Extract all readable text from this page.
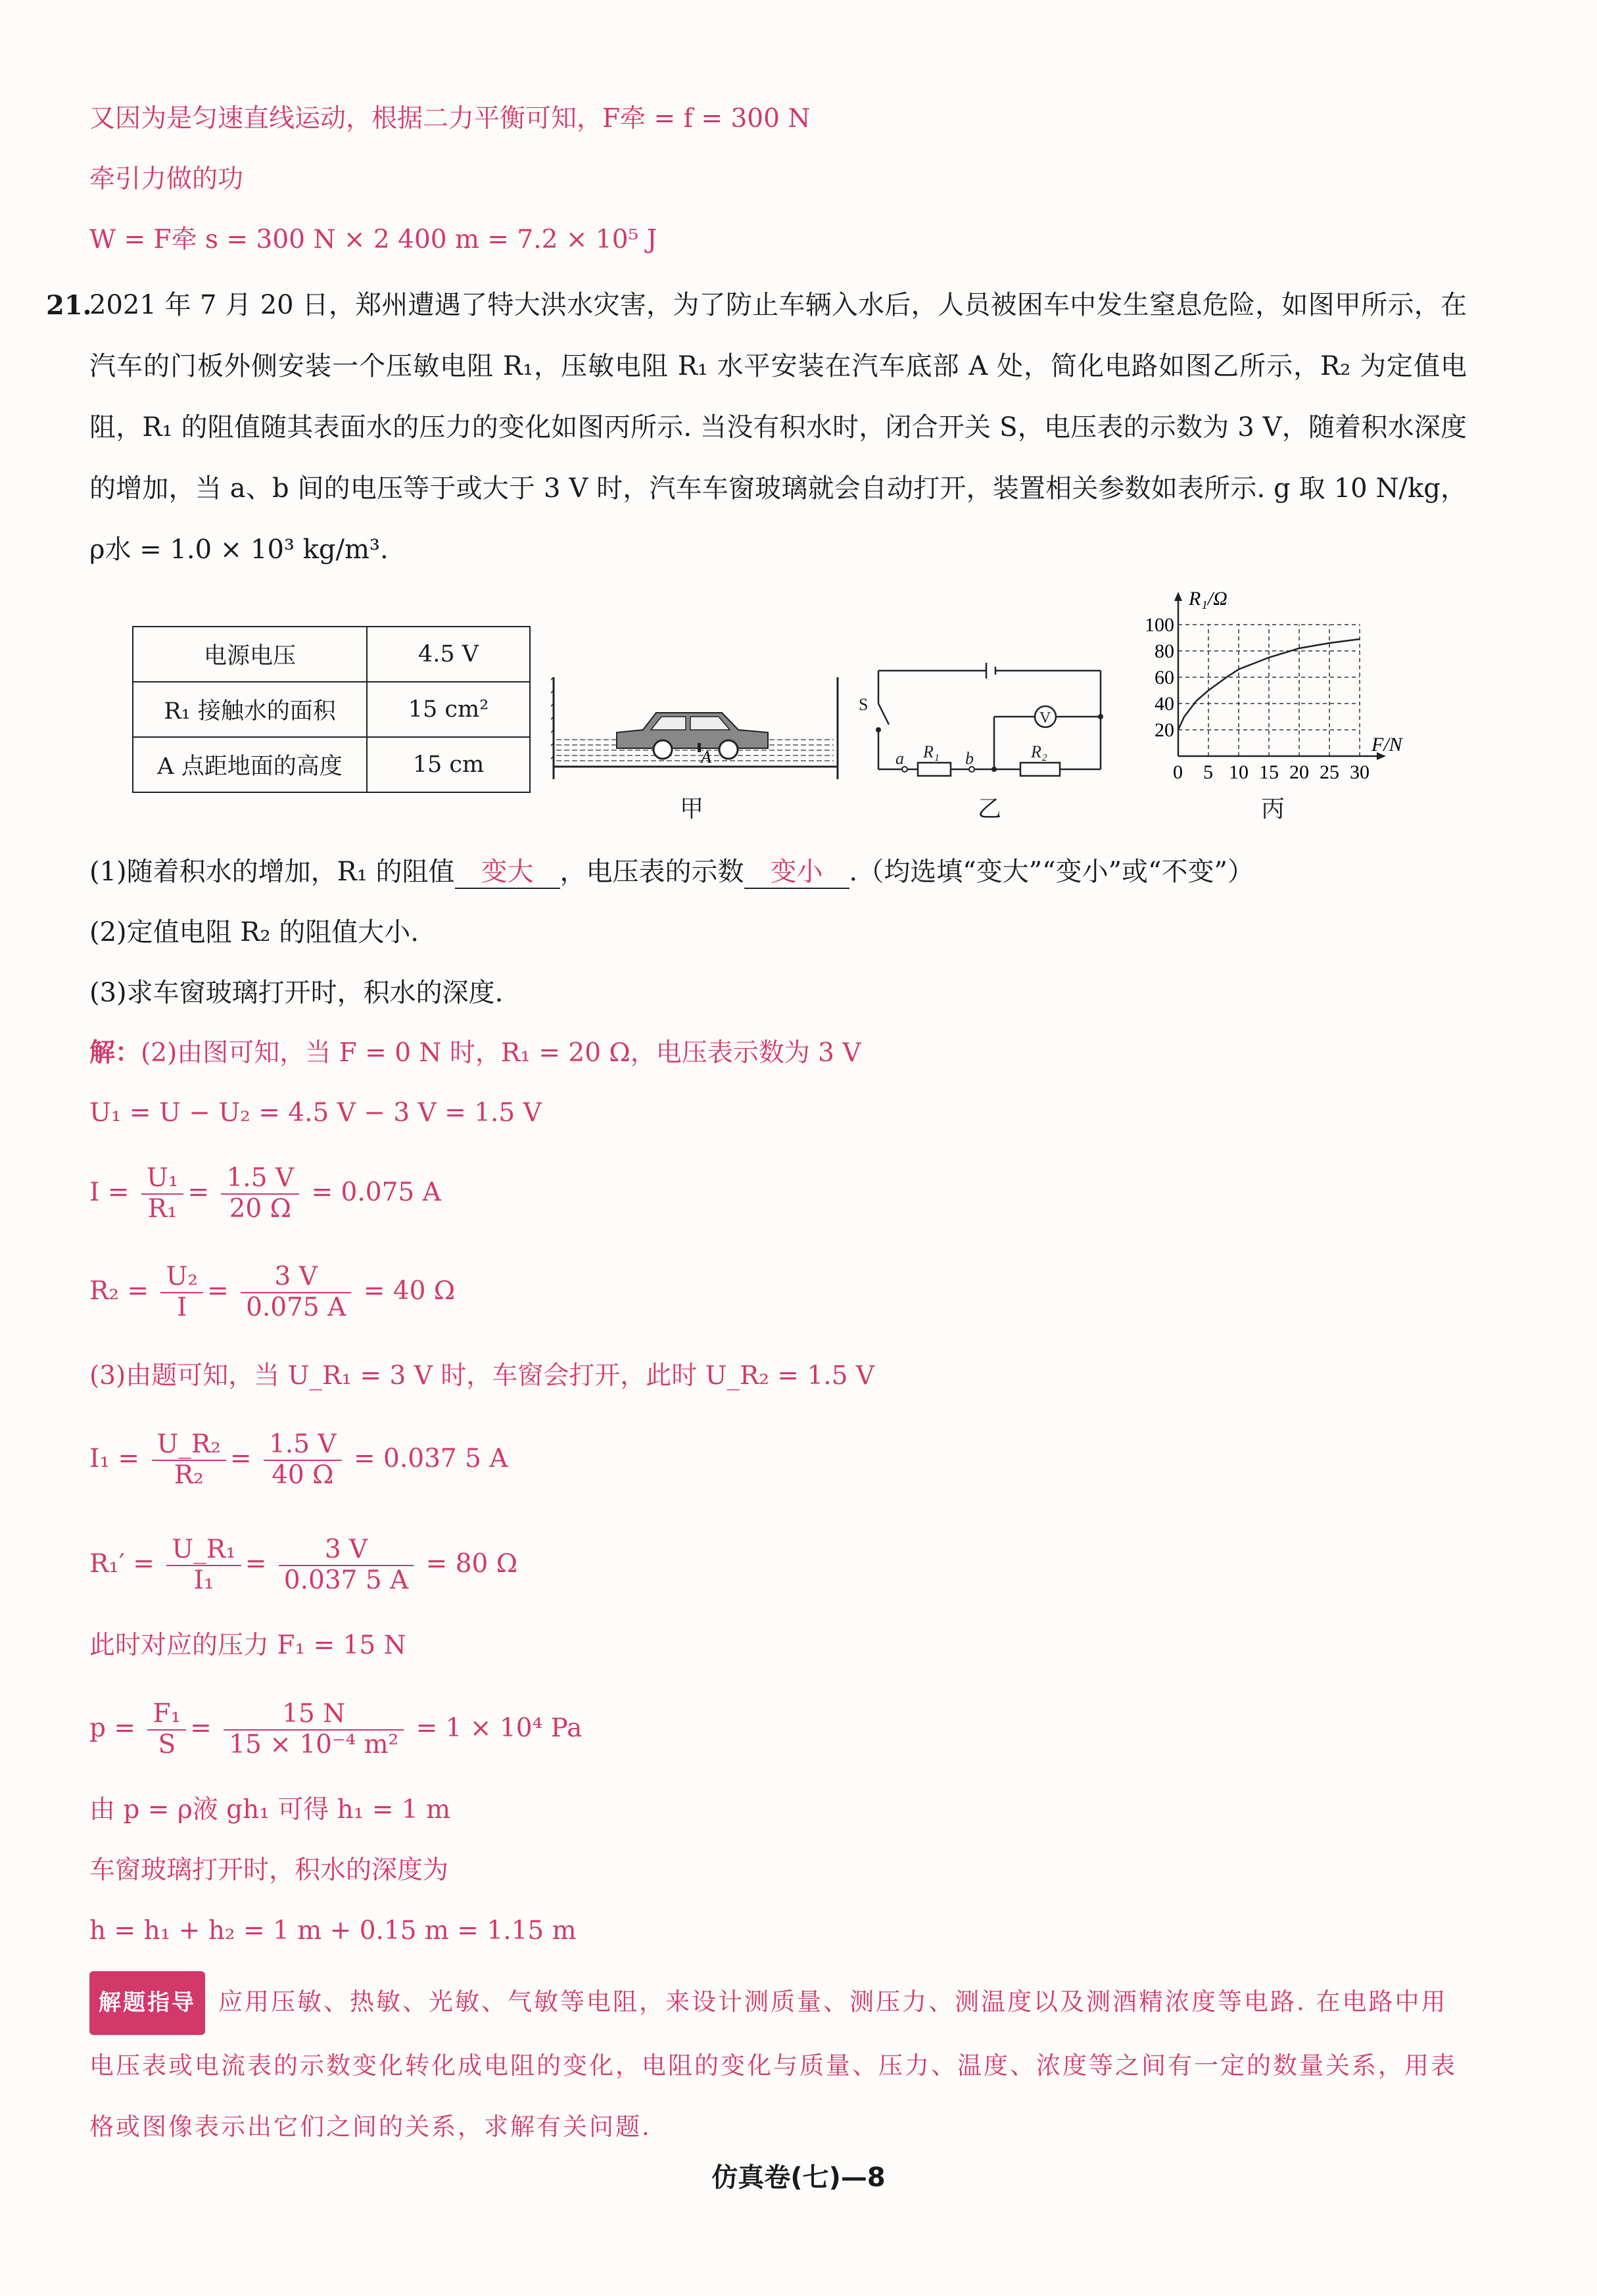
又因为是匀速直线运动，根据二力平衡可知，F牵 = f = 300 N
牵引力做的功
W = F牵 s = 300 N × 2 400 m = 7.2 × 10⁵ J
21.
2021 年 7 月 20 日，郑州遭遇了特大洪水灾害，为了防止车辆入水后，人员被困车中发生窒息危险，如图甲所示，在汽车的门板外侧安装一个压敏电阻 R₁，压敏电阻 R₁ 水平安装在汽车底部 A 处，简化电路如图乙所示，R₂ 为定值电阻，R₁ 的阻值随其表面水的压力的变化如图丙所示. 当没有积水时，闭合开关 S，电压表的示数为 3 V，随着积水深度的增加，当 a、b 间的电压等于或大于 3 V 时，汽车车窗玻璃就会自动打开，装置相关参数如表所示. g 取 10 N/kg，ρ水 = 1.0 × 10³ kg/m³.
电源电压	4.5 V
R₁ 接触水的面积	15 cm²
A 点距地面的高度	15 cm	A
甲
S
a	b
R₁	R₂
V
乙
R₁/Ω
F/N
0 5 10 15 20 25 30
20
40
60
80
100
丙
(1)随着积水的增加，R₁ 的阻值 变大 ，电压表的示数 变小 .（均选填“变大”“变小”或“不变”）
(2)定值电阻 R₂ 的阻值大小.
(3)求车窗玻璃打开时，积水的深度.
解：(2)由图可知，当 F = 0 N 时，R₁ = 20 Ω，电压表示数为 3 V
U₁ = U − U₂ = 4.5 V − 3 V = 1.5 V
$I = \frac{\text{U₁}}{\text{R₁}} = \frac{1.5 V}{20 \Omega} = 0.075$ A
$R_2 = \frac{\text{U₂}}{I} = \frac{3 V}{0.075 A} = 40$ Ω
(3)由题可知，当 U_R₁ = 3 V 时，车窗会打开，此时 U_R₂ = 1.5 V
$I_1 = \frac{\text{U\_R₂}}{\text{R₂}} = \frac{1.5 V}{40 \Omega} = 0.037$ 5 A
$R_1' = \frac{\text{U\_R₁}}{\text{I₁}} = \frac{3 V}{0.037 5 A} = 80$ Ω
此时对应的压力 F₁ = 15 N
$p = \frac{\text{F₁}}{S} = \frac{15 N}{\text{15 × 10⁻⁴ m²}} = 1 \times 10^4$ Pa
由 p = ρ液 gh₁ 可得 h₁ = 1 m
车窗玻璃打开时，积水的深度为
h = h₁ + h₂ = 1 m + 0.15 m = 1.15 m
解题指导 应用压敏、热敏、光敏、气敏等电阻，来设计测质量、测压力、测温度以及测酒精浓度等电路. 在电路中用电压表或电流表的示数变化转化成电阻的变化，电阻的变化与质量、压力、温度、浓度等之间有一定的数量关系，用表格或图像表示出它们之间的关系，求解有关问题.
仿真卷(七)—8
